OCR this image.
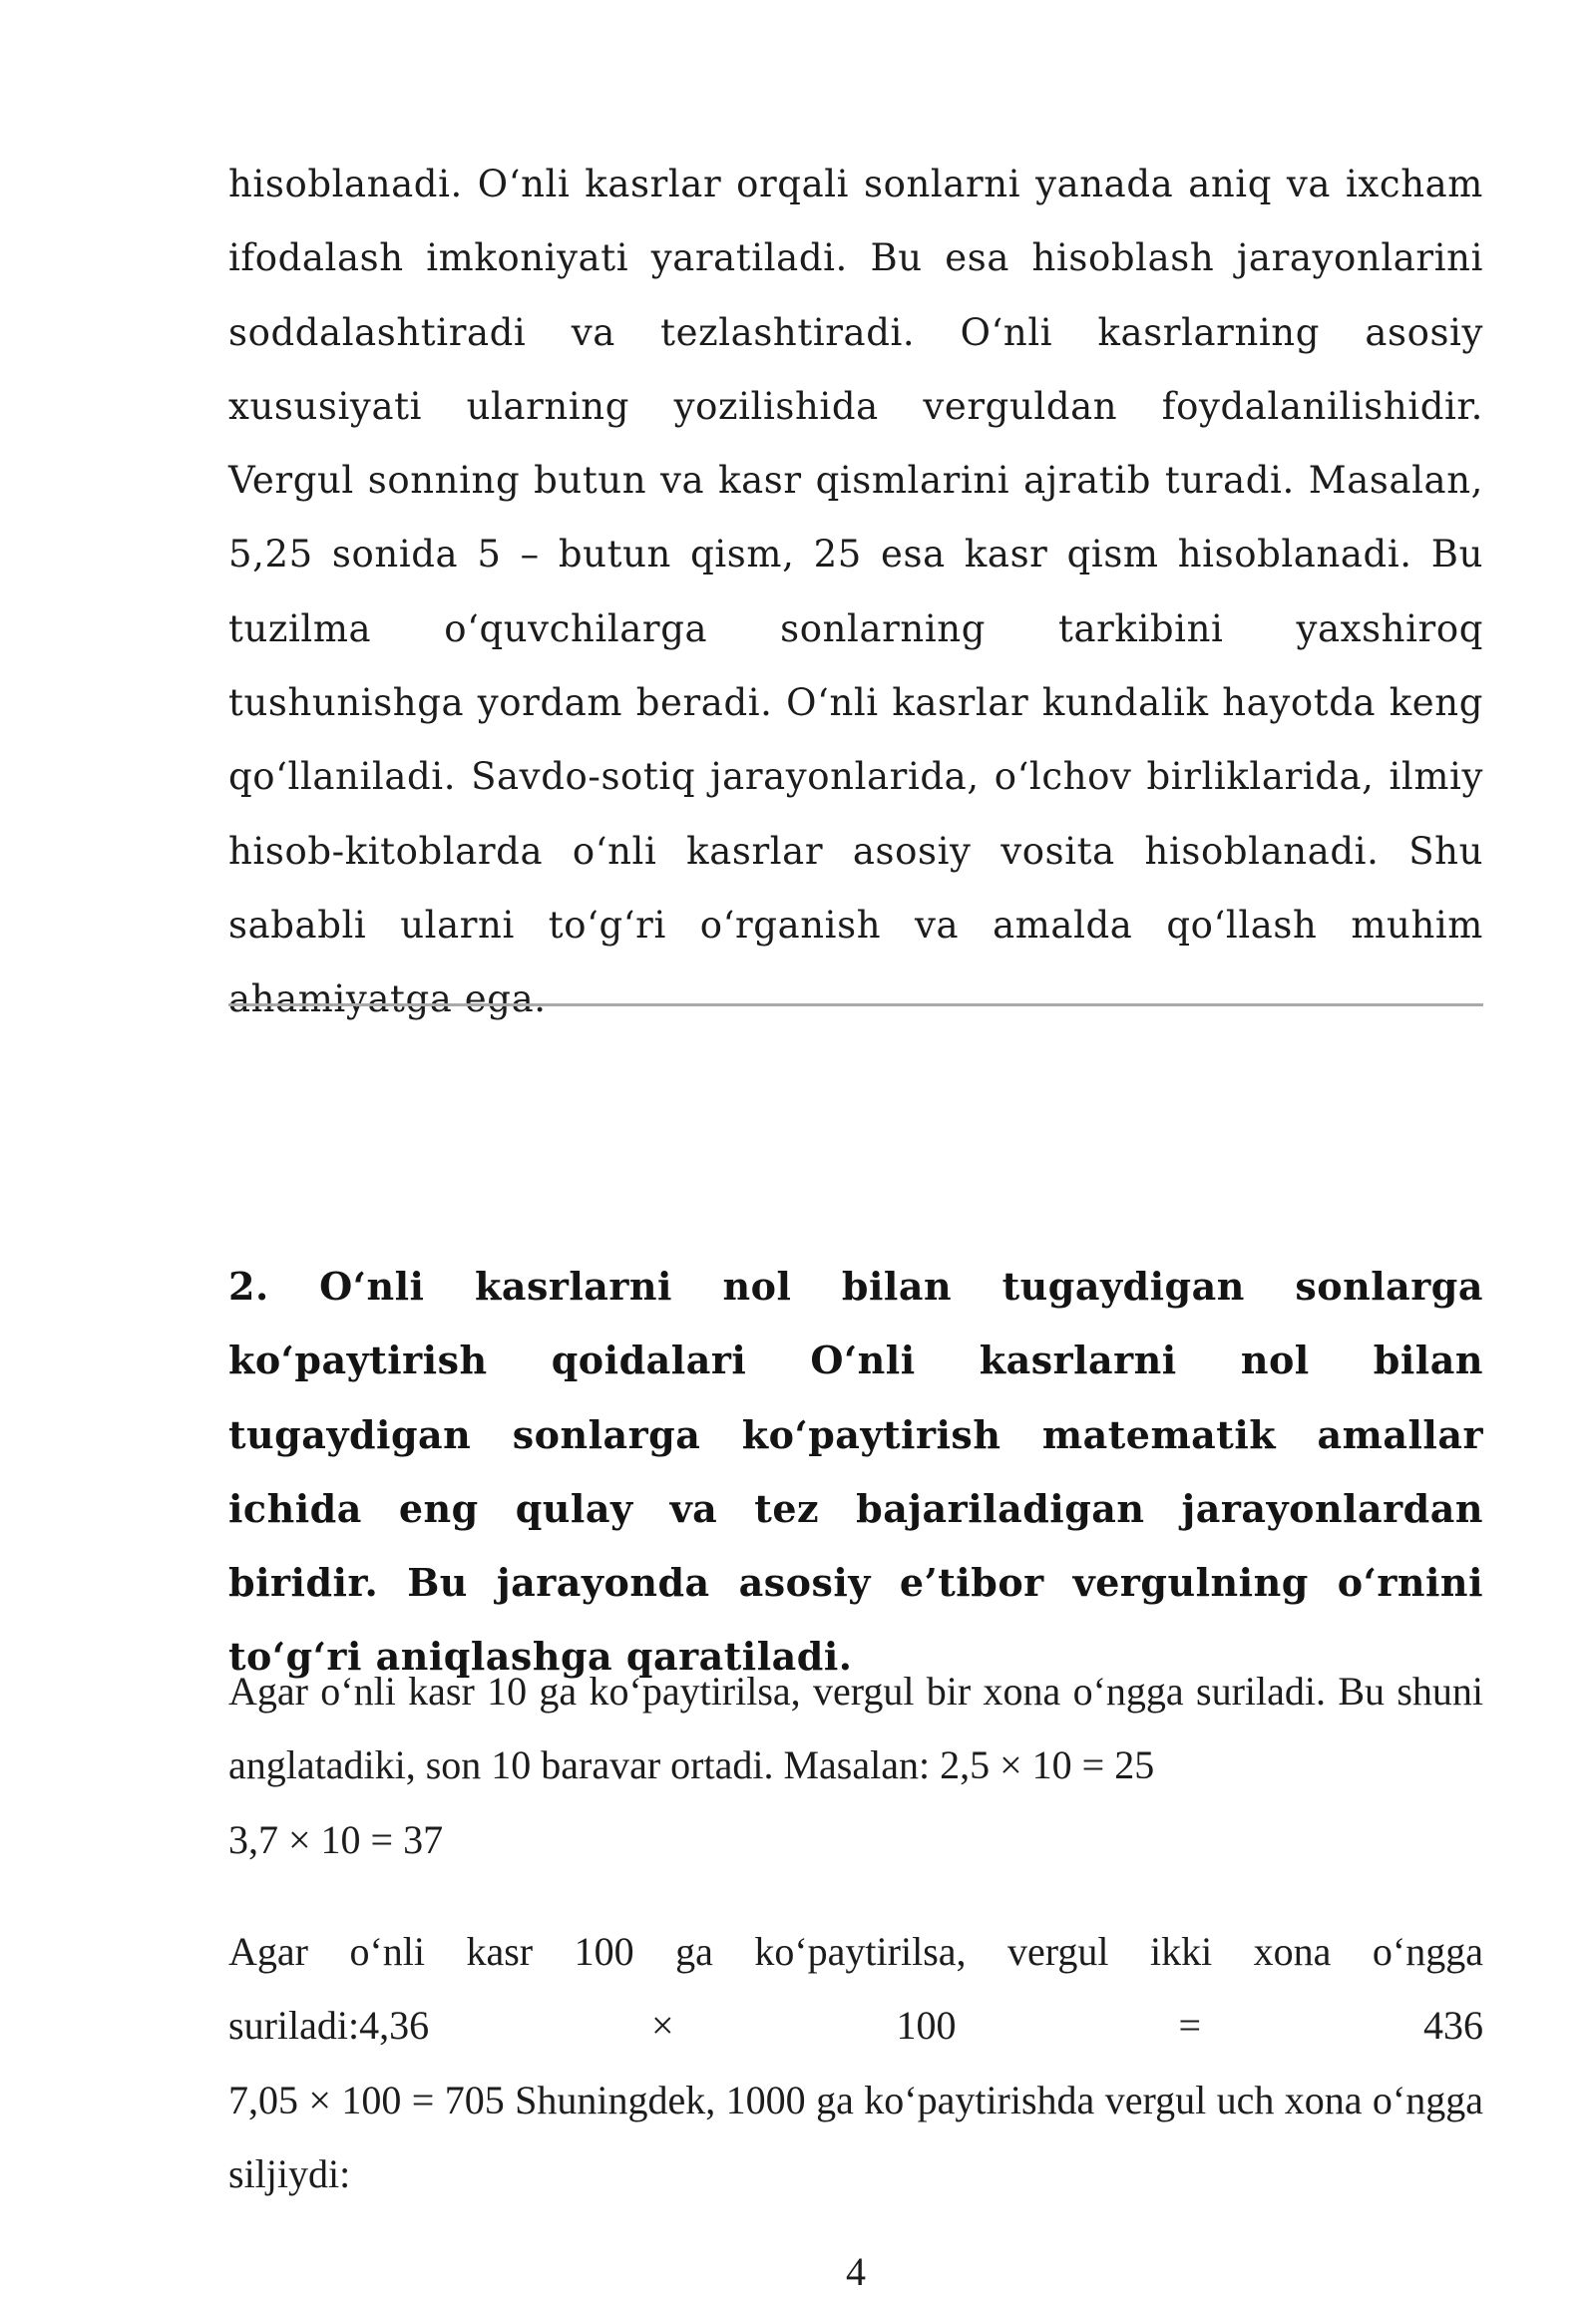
hisoblanadi. O‘nli kasrlar orqali sonlarni yanada aniq va ixcham ifodalash imkoniyati yaratiladi. Bu esa hisoblash jarayonlarini soddalashtiradi va tezlashtiradi. O‘nli kasrlarning asosiy xususiyati ularning yozilishida verguldan foydalanilishidir. Vergul sonning butun va kasr qismlarini ajratib turadi. Masalan, 5,25 sonida 5 – butun qism, 25 esa kasr qism hisoblanadi. Bu tuzilma o‘quvchilarga sonlarning tarkibini yaxshiroq tushunishga yordam beradi. O‘nli kasrlar kundalik hayotda keng qo‘llaniladi. Savdo-sotiq jarayonlarida, o‘lchov birliklarida, ilmiy hisob-kitoblarda o‘nli kasrlar asosiy vosita hisoblanadi. Shu sababli ularni to‘g‘ri o‘rganish va amalda qo‘llash muhim ahamiyatga ega.

2. O‘nli kasrlarni nol bilan tugaydigan sonlarga ko‘paytirish qoidalari O‘nli kasrlarni nol bilan tugaydigan sonlarga ko‘paytirish matematik amallar ichida eng qulay va tez bajariladigan jarayonlardan biridir. Bu jarayonda asosiy e’tibor vergulning o‘rnini to‘g‘ri aniqlashga qaratiladi.

Agar o‘nli kasr 10 ga ko‘paytirilsa, vergul bir xona o‘ngga suriladi. Bu shuni anglatadiki, son 10 baravar ortadi. Masalan: 2,5 × 10 = 25
3,7 × 10 = 37
Agar o‘nli kasr 100 ga ko‘paytirilsa, vergul ikki xona o‘ngga
suriladi:4,36	×	100	=	436
7,05 × 100 = 705 Shuningdek, 1000 ga ko‘paytirishda vergul uch xona o‘ngga siljiydi:

4
